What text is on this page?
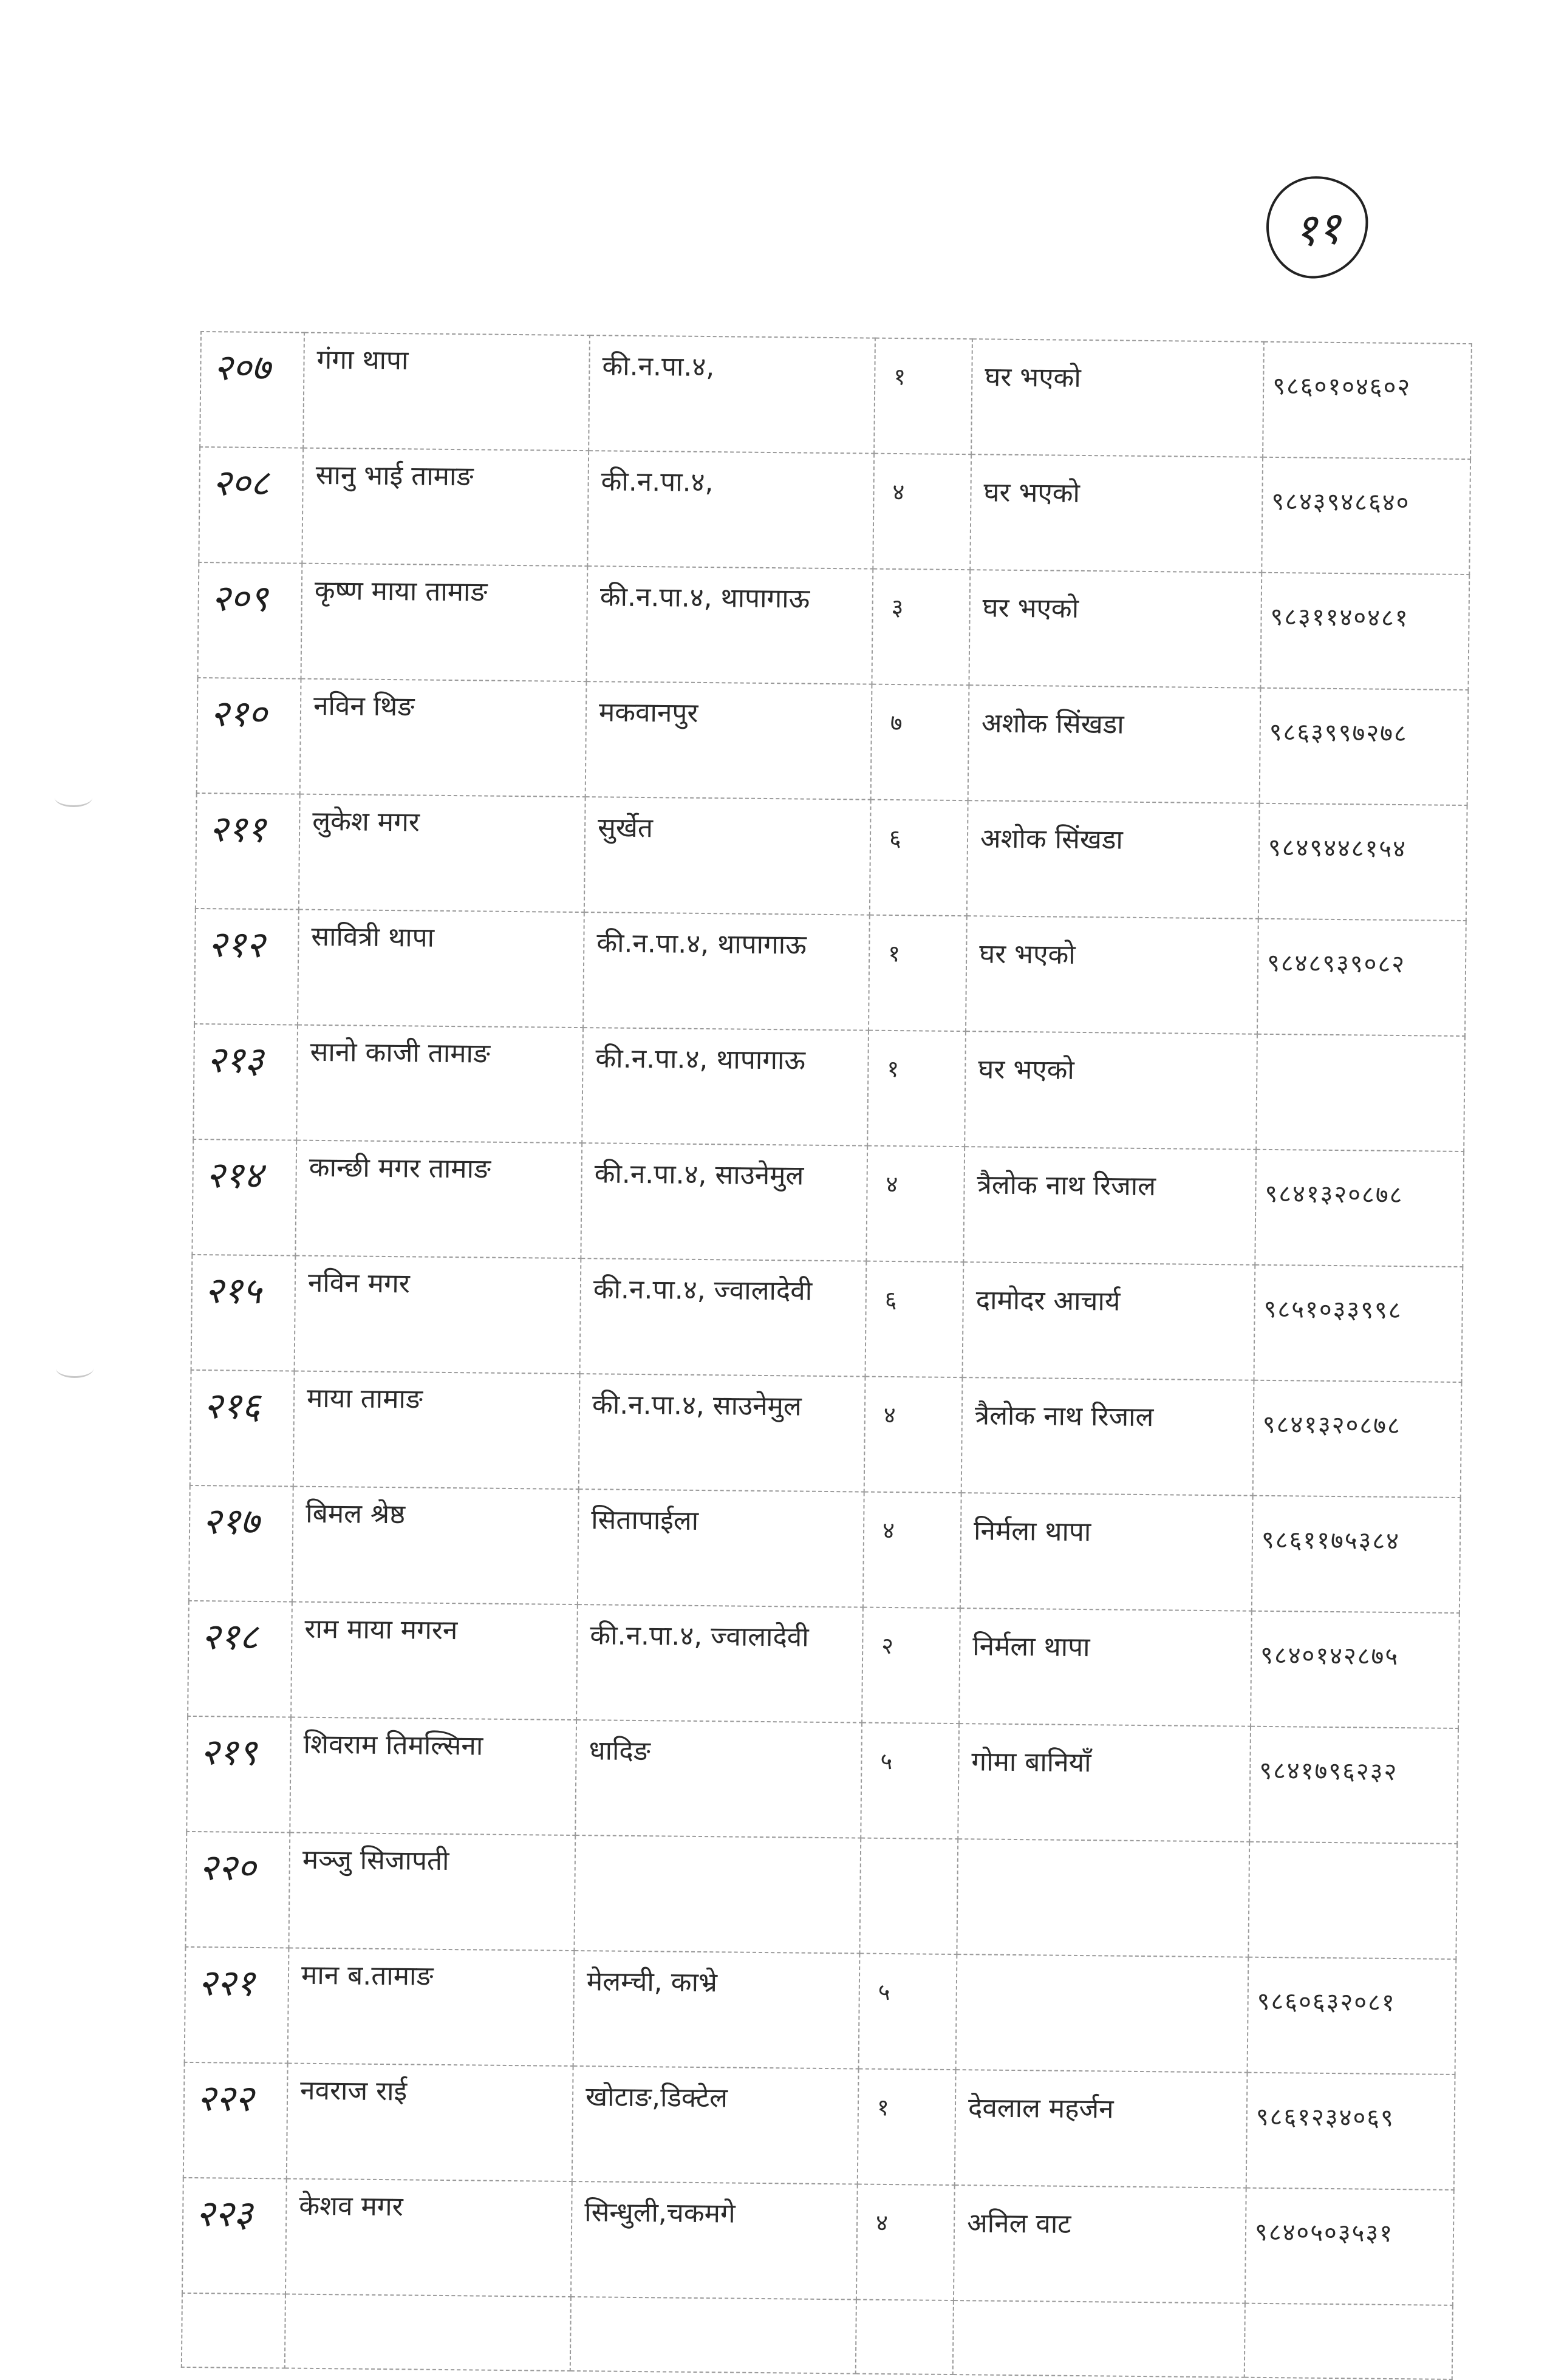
११
२०७	गंगा थापा	की.न.पा.४,	१	घर भएको	९८६०१०४६०२
२०८	सानु भाई तामाङ	की.न.पा.४,	४	घर भएको	९८४३९४८६४०
२०९	कृष्ण माया तामाङ	की.न.पा.४, थापागाऊ	३	घर भएको	९८३११४०४८१
२१०	नविन थिङ	मकवानपुर	७	अशोक सिंखडा	९८६३९९७२७८
२११	लुकेश मगर	सुर्खेत	६	अशोक सिंखडा	९८४९४४८१५४
२१२	सावित्री थापा	की.न.पा.४, थापागाऊ	१	घर भएको	९८४८९३९०८२
२१३	सानो काजी तामाङ	की.न.पा.४, थापागाऊ	१	घर भएको	
२१४	कान्छी मगर तामाङ	की.न.पा.४, साउनेमुल	४	त्रैलोक नाथ रिजाल	९८४१३२०८७८
२१५	नविन मगर	की.न.पा.४, ज्वालादेवी	६	दामोदर आचार्य	९८५१०३३९९८
२१६	माया तामाङ	की.न.पा.४, साउनेमुल	४	त्रैलोक नाथ रिजाल	९८४१३२०८७८
२१७	बिमल श्रेष्ठ	सितापाईला	४	निर्मला थापा	९८६११७५३८४
२१८	राम माया मगरन	की.न.पा.४, ज्वालादेवी	२	निर्मला थापा	९८४०१४२८७५
२१९	शिवराम तिमल्सिना	धादिङ	५	गोमा बानियाँ	९८४१७९६२३२
२२०	मञ्जु सिजापती				
२२१	मान ब.तामाङ	मेलम्ची, काभ्रे	५		९८६०६३२०८१
२२२	नवराज राई	खोटाङ,डिक्टेल	१	देवलाल महर्जन	९८६१२३४०६९
२२३	केशव मगर	सिन्धुली,चकमगे	४	अनिल वाट	९८४०५०३५३१
